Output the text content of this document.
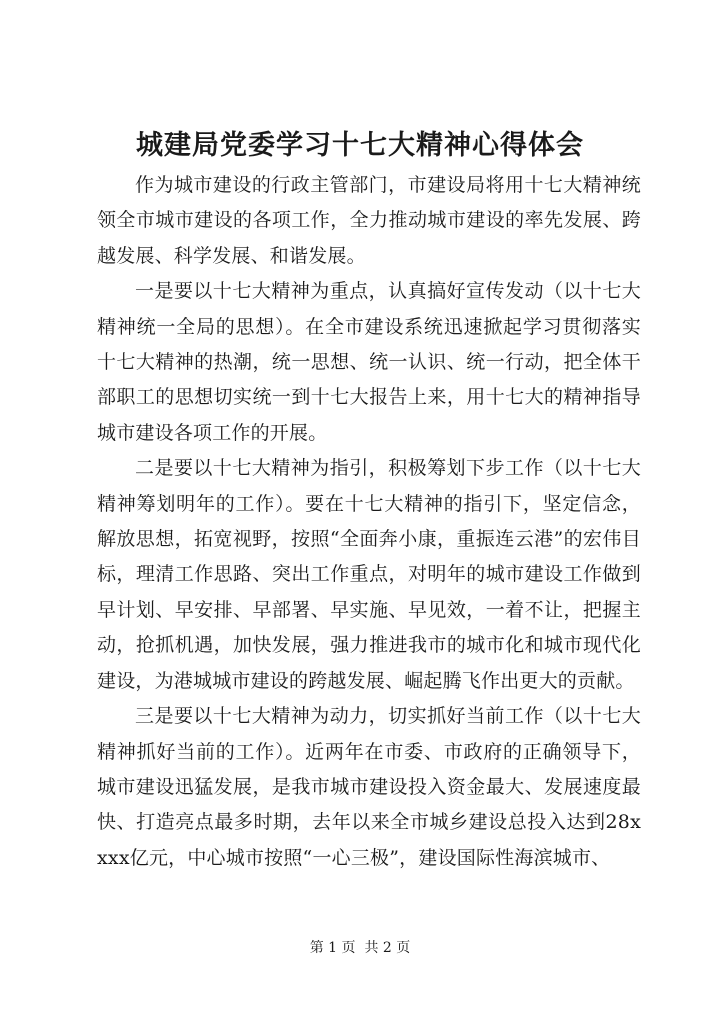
城建局党委学习十七大精神心得体会

作为城市建设的行政主管部门，市建设局将用十七大精神统领全市城市建设的各项工作，全力推动城市建设的率先发展、跨越发展、科学发展、和谐发展。

一是要以十七大精神为重点，认真搞好宣传发动（以十七大精神统一全局的思想）。在全市建设系统迅速掀起学习贯彻落实十七大精神的热潮，统一思想、统一认识、统一行动，把全体干部职工的思想切实统一到十七大报告上来，用十七大的精神指导城市建设各项工作的开展。

二是要以十七大精神为指引，积极筹划下步工作（以十七大精神筹划明年的工作）。要在十七大精神的指引下，坚定信念，解放思想，拓宽视野，按照“全面奔小康，重振连云港”的宏伟目标，理清工作思路、突出工作重点，对明年的城市建设工作做到早计划、早安排、早部署、早实施、早见效，一着不让，把握主动，抢抓机遇，加快发展，强力推进我市的城市化和城市现代化建设，为港城城市建设的跨越发展、崛起腾飞作出更大的贡献。

三是要以十七大精神为动力，切实抓好当前工作（以十七大精神抓好当前的工作）。近两年在市委、市政府的正确领导下，城市建设迅猛发展，是我市城市建设投入资金最大、发展速度最快、打造亮点最多时期，去年以来全市城乡建设总投入达到28xxxx亿元，中心城市按照“一心三极”，建设国际性海滨城市、

第 1 页  共 2 页
